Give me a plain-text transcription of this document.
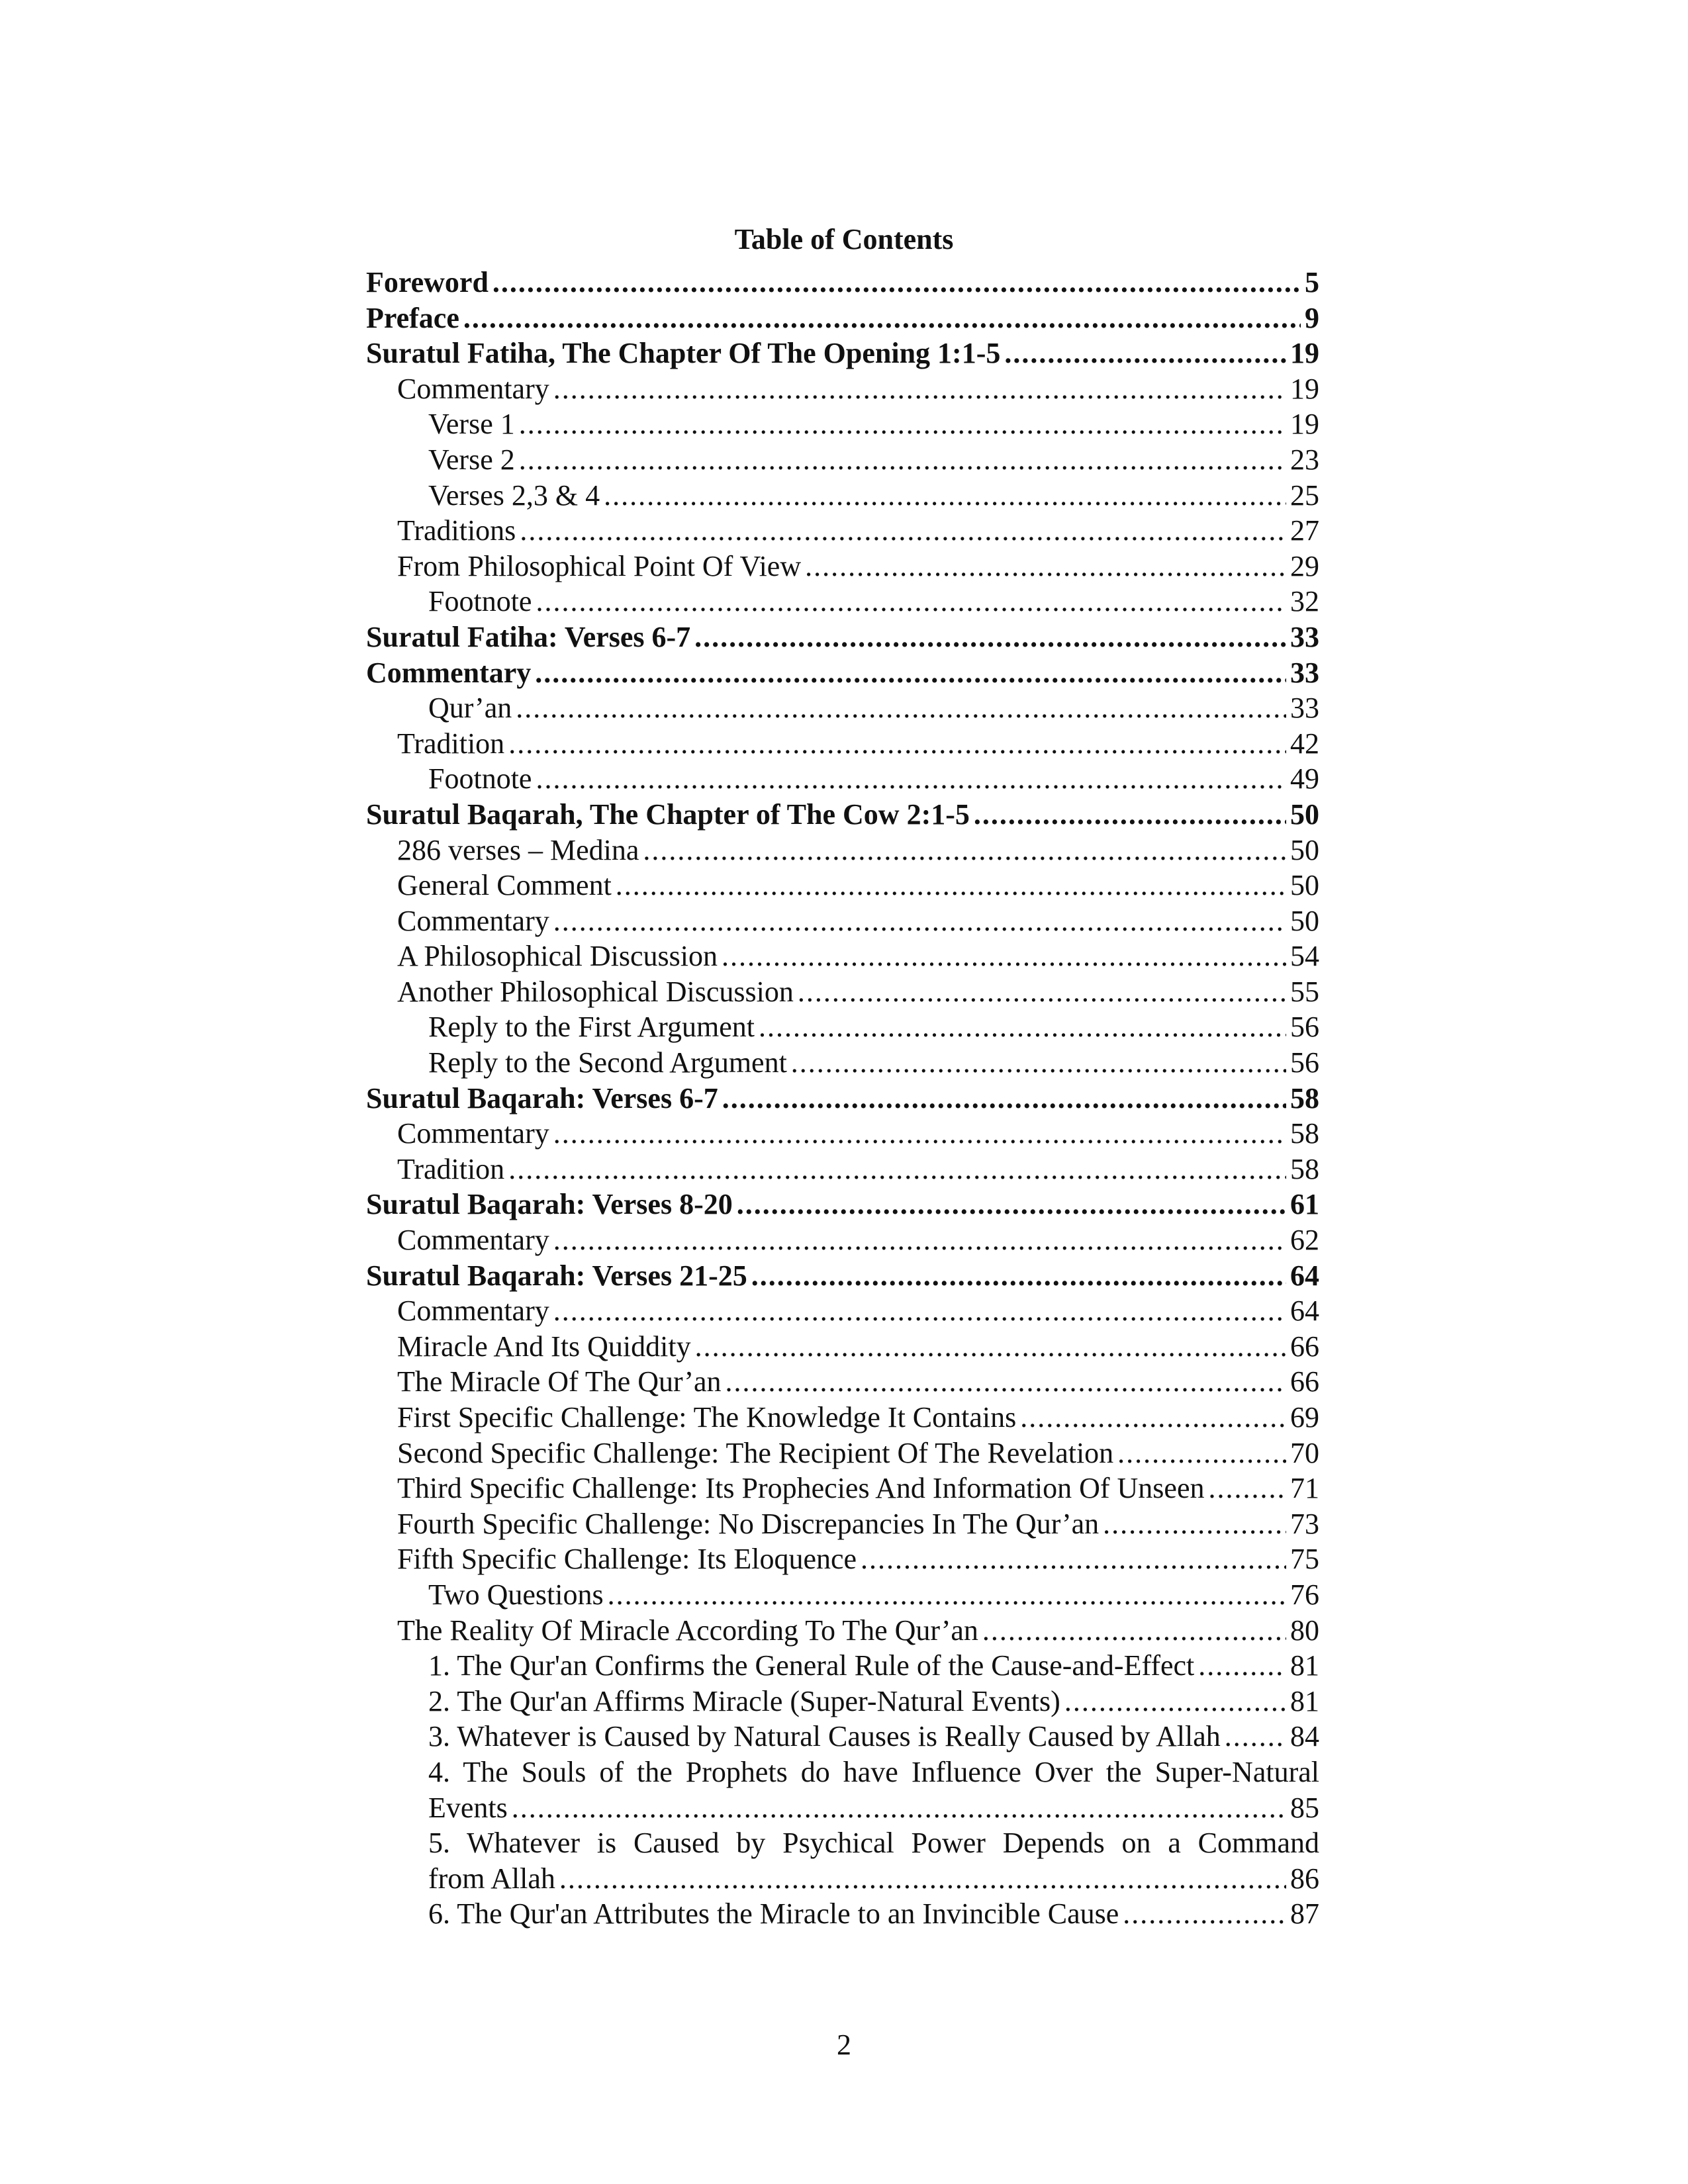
Table of Contents
Foreword .....	5
Preface .....	9
Suratul Fatiha, The Chapter Of The Opening 1:1-5 .....	19
Commentary .....	19
Verse 1 .....	19
Verse 2 .....	23
Verses 2,3 & 4 .....	25
Traditions .....	27
From Philosophical Point Of View .....	29
Footnote .....	32
Suratul Fatiha: Verses 6-7 .....	33
Commentary .....	33
Qur’an .....	33
Tradition .....	42
Footnote .....	49
Suratul Baqarah, The Chapter of The Cow 2:1-5 .....	50
286 verses – Medina .....	50
General Comment .....	50
Commentary .....	50
A Philosophical Discussion .....	54
Another Philosophical Discussion .....	55
Reply to the First Argument .....	56
Reply to the Second Argument .....	56
Suratul Baqarah: Verses 6-7 .....	58
Commentary .....	58
Tradition .....	58
Suratul Baqarah: Verses 8-20 .....	61
Commentary .....	62
Suratul Baqarah: Verses 21-25 .....	64
Commentary .....	64
Miracle And Its Quiddity .....	66
The Miracle Of The Qur’an .....	66
First Specific Challenge: The Knowledge It Contains .....	69
Second Specific Challenge: The Recipient Of The Revelation .....	70
Third Specific Challenge: Its Prophecies And Information Of Unseen .....	71
Fourth Specific Challenge: No Discrepancies In The Qur’an .....	73
Fifth Specific Challenge: Its Eloquence .....	75
Two Questions .....	76
The Reality Of Miracle According To The Qur’an .....	80
1. The Qur'an Confirms the General Rule of the Cause-and-Effect .....	81
2. The Qur'an Affirms Miracle (Super-Natural Events) .....	81
3. Whatever is Caused by Natural Causes is Really Caused by Allah ..... 84
4. The Souls of the Prophets do have Influence Over the Super-Natural
Events .....	85
5. Whatever is Caused by Psychical Power Depends on a Command
from Allah .....	86
6. The Qur'an Attributes the Miracle to an Invincible Cause .....	87
2
